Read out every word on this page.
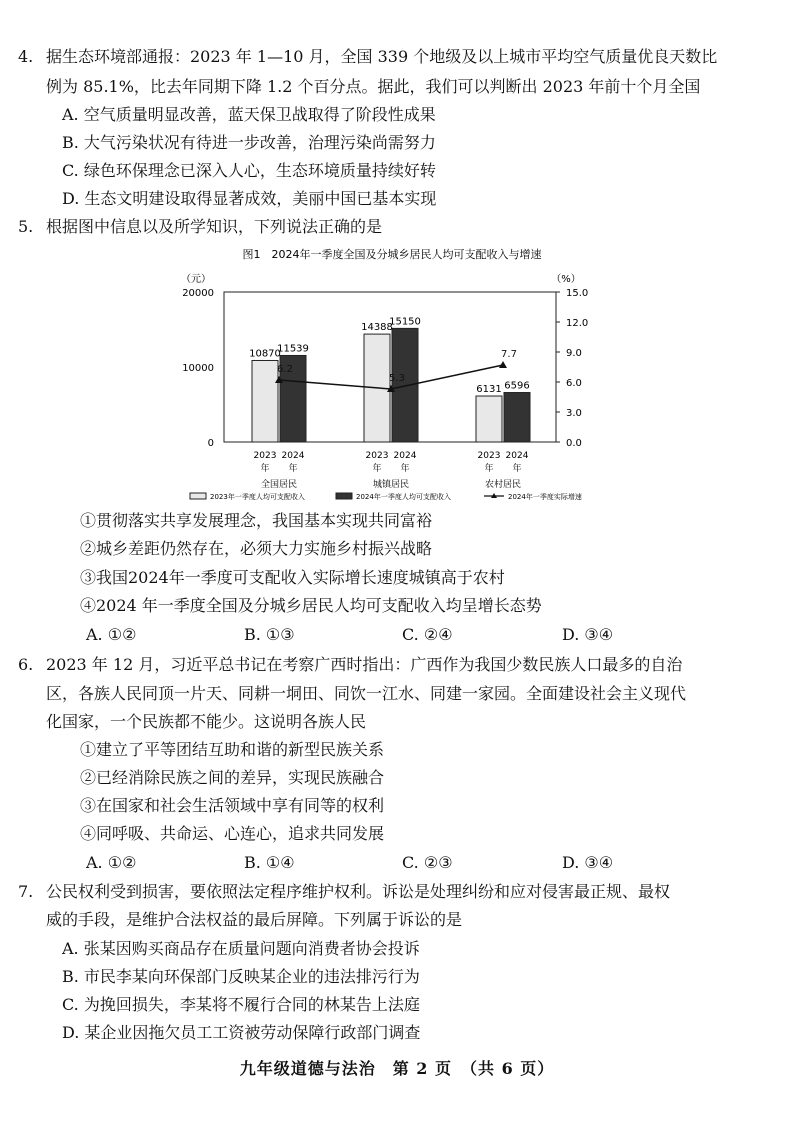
4. 据生态环境部通报：2023 年 1—10 月，全国 339 个地级及以上城市平均空气质量优良天数比
例为 85.1%，比去年同期下降 1.2 个百分点。据此，我们可以判断出 2023 年前十个月全国
A. 空气质量明显改善，蓝天保卫战取得了阶段性成果
B. 大气污染状况有待进一步改善，治理污染尚需努力
C. 绿色环保理念已深入人心，生态环境质量持续好转
D. 生态文明建设取得显著成效，美丽中国已基本实现
5. 根据图中信息以及所学知识，下列说法正确的是
图1　2024年一季度全国及分城乡居民人均可支配收入与增速
（元）	（%）
20000
10000
0
15.0
12.0
9.0
6.0
3.0
0.0
10870
11539
14388
15150
6131 6596
6.2
5.3
7.7
2023 2024
年 年
全国居民
2023 2024
年 年
城镇居民
2023 2024
年 年
农村居民
2023年一季度人均可支配收入	2024年一季度人均可支配收入	2024年一季度实际增速
①贯彻落实共享发展理念，我国基本实现共同富裕
②城乡差距仍然存在，必须大力实施乡村振兴战略
③我国2024年一季度可支配收入实际增长速度城镇高于农村
④2024 年一季度全国及分城乡居民人均可支配收入均呈增长态势
A. ①②	B. ①③	C. ②④	D. ③④
6. 2023 年 12 月，习近平总书记在考察广西时指出：广西作为我国少数民族人口最多的自治
区，各族人民同顶一片天、同耕一垌田、同饮一江水、同建一家园。全面建设社会主义现代
化国家，一个民族都不能少。这说明各族人民
①建立了平等团结互助和谐的新型民族关系
②已经消除民族之间的差异，实现民族融合
③在国家和社会生活领域中享有同等的权利
④同呼吸、共命运、心连心，追求共同发展
A. ①②	B. ①④	C. ②③	D. ③④
7. 公民权利受到损害，要依照法定程序维护权利。诉讼是处理纠纷和应对侵害最正规、最权
威的手段，是维护合法权益的最后屏障。下列属于诉讼的是
A. 张某因购买商品存在质量问题向消费者协会投诉
B. 市民李某向环保部门反映某企业的违法排污行为
C. 为挽回损失，李某将不履行合同的林某告上法庭
D. 某企业因拖欠员工工资被劳动保障行政部门调查
九年级道德与法治　第 2 页　（共 6 页）
